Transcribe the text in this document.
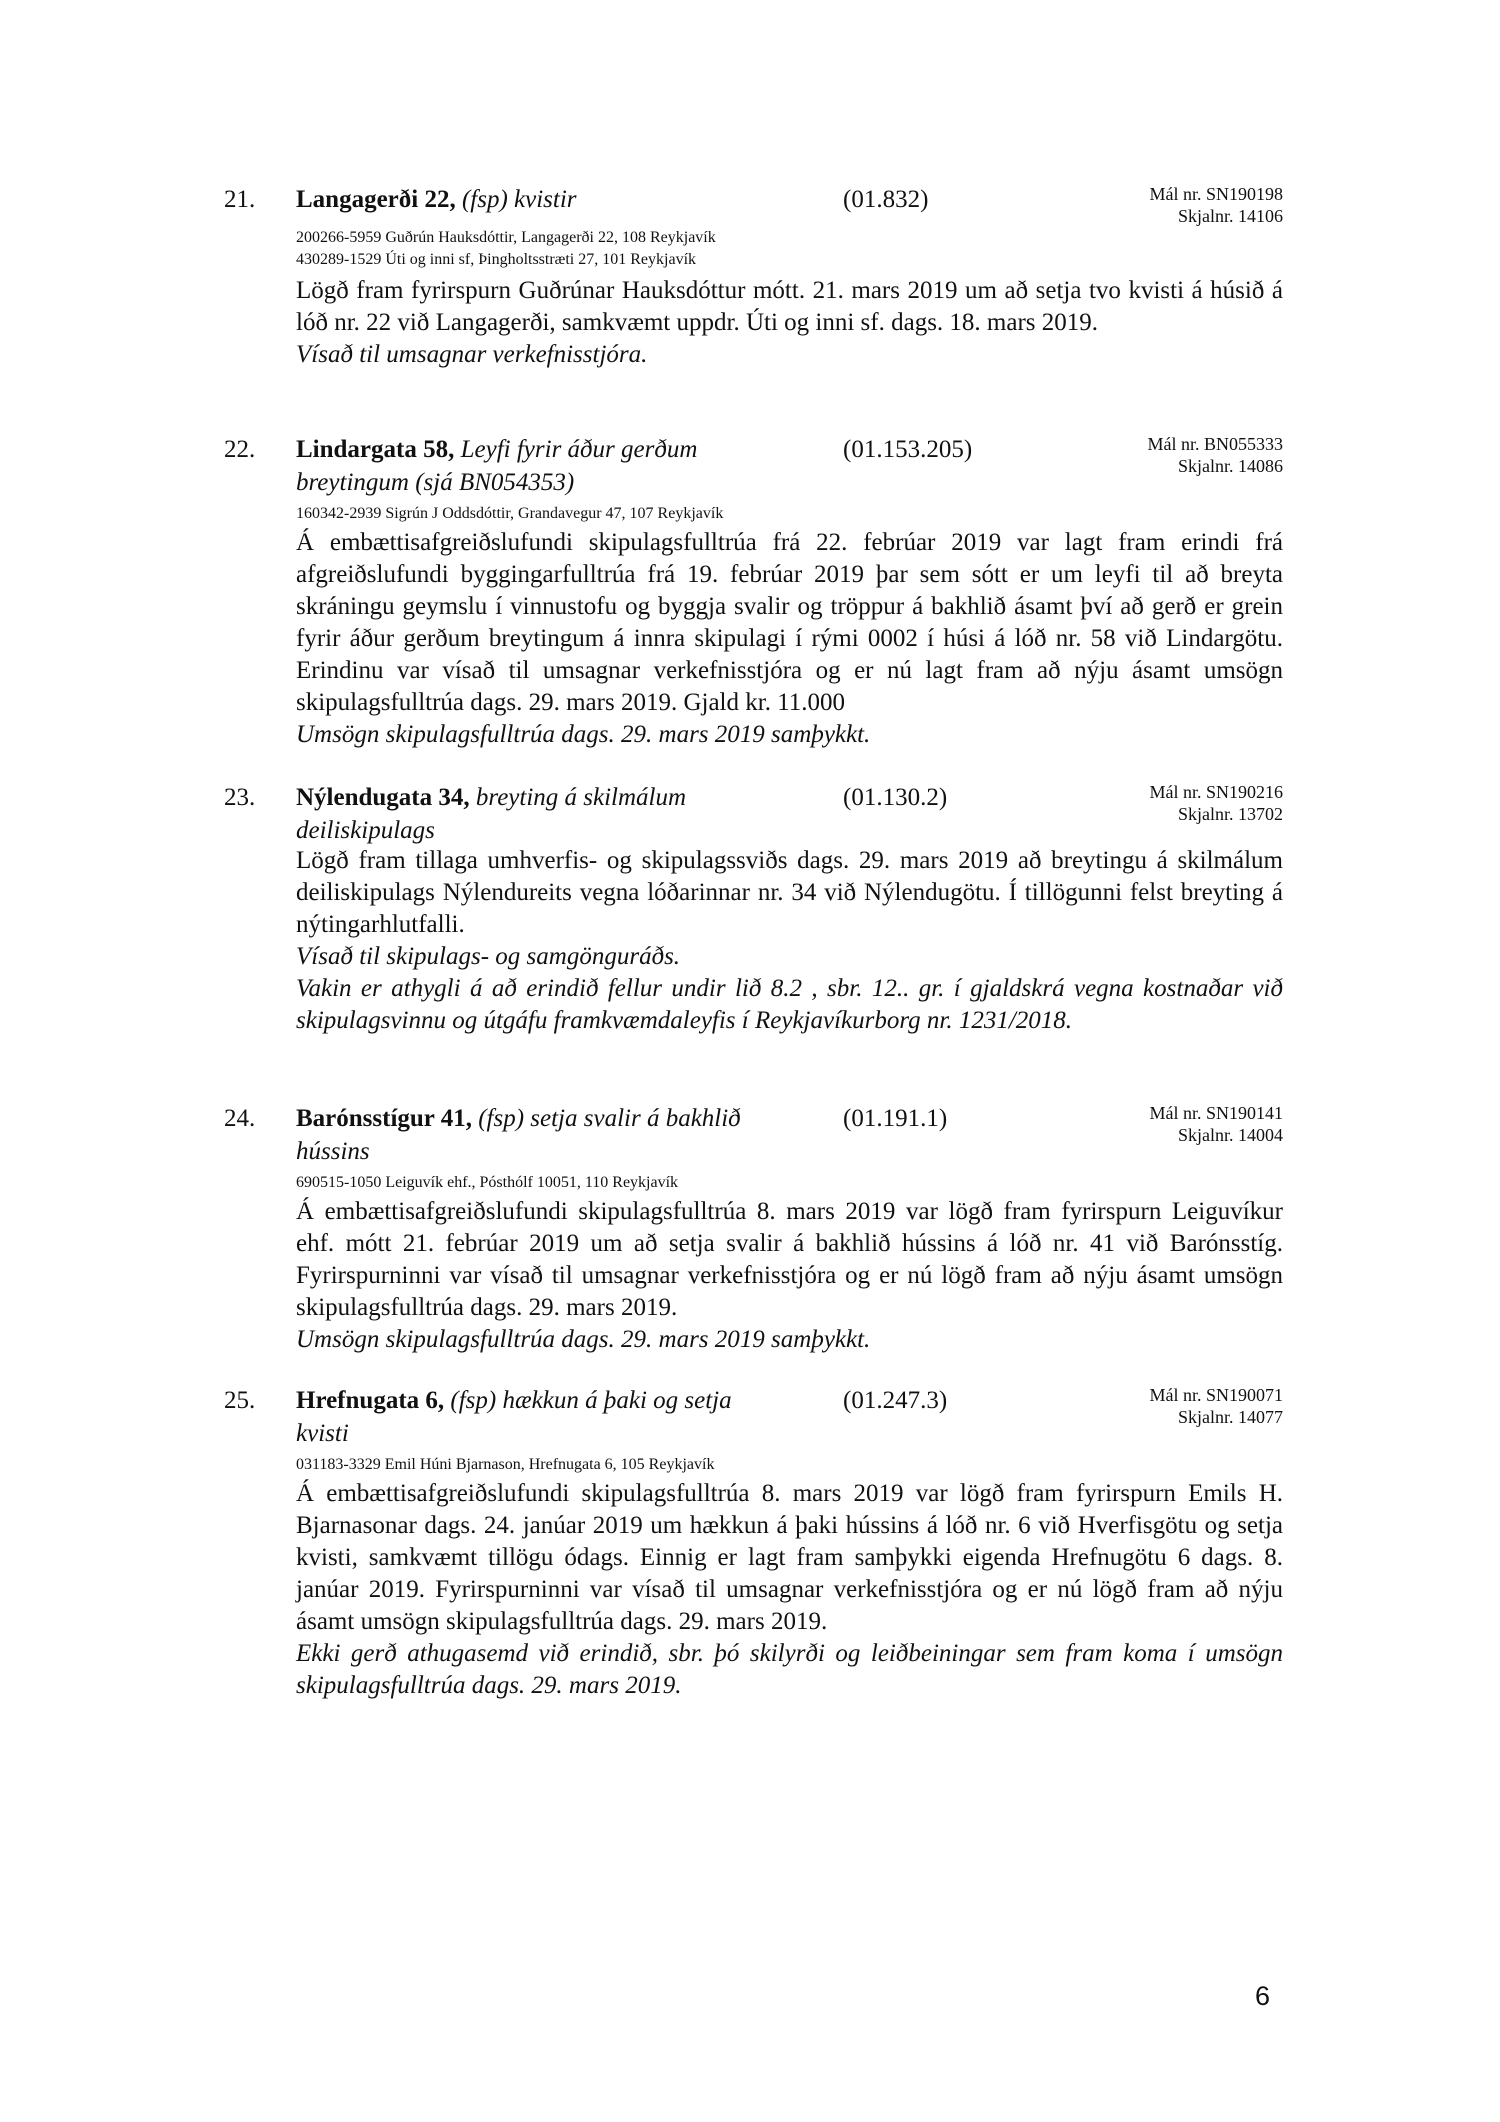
21. Langagerði 22, (fsp) kvistir	(01.832)	Mál nr. SN190198
Skjalnr. 14106
200266-5959 Guðrún Hauksdóttir, Langagerði 22, 108 Reykjavík
430289-1529 Úti og inni sf, Þingholtsstræti 27, 101 Reykjavík

Lögð fram fyrirspurn Guðrúnar Hauksdóttur mótt. 21. mars 2019 um að setja tvo kvisti á húsið á lóð nr. 22 við Langagerði, samkvæmt uppdr. Úti og inni sf. dags. 18. mars 2019.

Vísað til umsagnar verkefnisstjóra.

22. Lindargata 58, Leyfi fyrir áður gerðum
breytingum (sjá BN054353)
(01.153.205)	Mál nr. BN055333
Skjalnr. 14086
160342-2939 Sigrún J Oddsdóttir, Grandavegur 47, 107 Reykjavík

Á embættisafgreiðslufundi skipulagsfulltrúa frá 22. febrúar 2019 var lagt fram erindi frá afgreiðslufundi byggingarfulltrúa frá 19. febrúar 2019 þar sem sótt er um leyfi til að breyta skráningu geymslu í vinnustofu og byggja svalir og tröppur á bakhlið ásamt því að gerð er grein fyrir áður gerðum breytingum á innra skipulagi í rými 0002 í húsi á lóð nr. 58 við Lindargötu. Erindinu var vísað til umsagnar verkefnisstjóra og er nú lagt fram að nýju ásamt umsögn skipulagsfulltrúa dags. 29. mars 2019. Gjald kr. 11.000

Umsögn skipulagsfulltrúa dags. 29. mars 2019 samþykkt.

23. Nýlendugata 34, breyting á skilmálum
deiliskipulags
(01.130.2)	Mál nr. SN190216
Skjalnr. 13702

Lögð fram tillaga umhverfis- og skipulagssviðs dags. 29. mars 2019 að breytingu á skilmálum deiliskipulags Nýlendureits vegna lóðarinnar nr. 34 við Nýlendugötu. Í tillögunni felst breyting á nýtingarhlutfalli.

Vísað til skipulags- og samgönguráðs.

Vakin er athygli á að erindið fellur undir lið 8.2 , sbr. 12.. gr. í gjaldskrá vegna kostnaðar við skipulagsvinnu og útgáfu framkvæmdaleyfis í Reykjavíkurborg nr. 1231/2018.

24. Barónsstígur 41, (fsp) setja svalir á bakhlið
hússins
(01.191.1)	Mál nr. SN190141
Skjalnr. 14004
690515-1050 Leiguvík ehf., Pósthólf 10051, 110 Reykjavík

Á embættisafgreiðslufundi skipulagsfulltrúa 8. mars 2019 var lögð fram fyrirspurn Leiguvíkur ehf. mótt 21. febrúar 2019 um að setja svalir á bakhlið hússins á lóð nr. 41 við Barónsstíg. Fyrirspurninni var vísað til umsagnar verkefnisstjóra og er nú lögð fram að nýju ásamt umsögn skipulagsfulltrúa dags. 29. mars 2019.

Umsögn skipulagsfulltrúa dags. 29. mars 2019 samþykkt.

25. Hrefnugata 6, (fsp) hækkun á þaki og setja
kvisti
(01.247.3)	Mál nr. SN190071
Skjalnr. 14077
031183-3329 Emil Húni Bjarnason, Hrefnugata 6, 105 Reykjavík

Á embættisafgreiðslufundi skipulagsfulltrúa 8. mars 2019 var lögð fram fyrirspurn Emils H. Bjarnasonar dags. 24. janúar 2019 um hækkun á þaki hússins á lóð nr. 6 við Hverfisgötu og setja kvisti, samkvæmt tillögu ódags. Einnig er lagt fram samþykki eigenda Hrefnugötu 6 dags. 8. janúar 2019. Fyrirspurninni var vísað til umsagnar verkefnisstjóra og er nú lögð fram að nýju ásamt umsögn skipulagsfulltrúa dags. 29. mars 2019.

Ekki gerð athugasemd við erindið, sbr. þó skilyrði og leiðbeiningar sem fram koma í umsögn skipulagsfulltrúa dags. 29. mars 2019.

6
